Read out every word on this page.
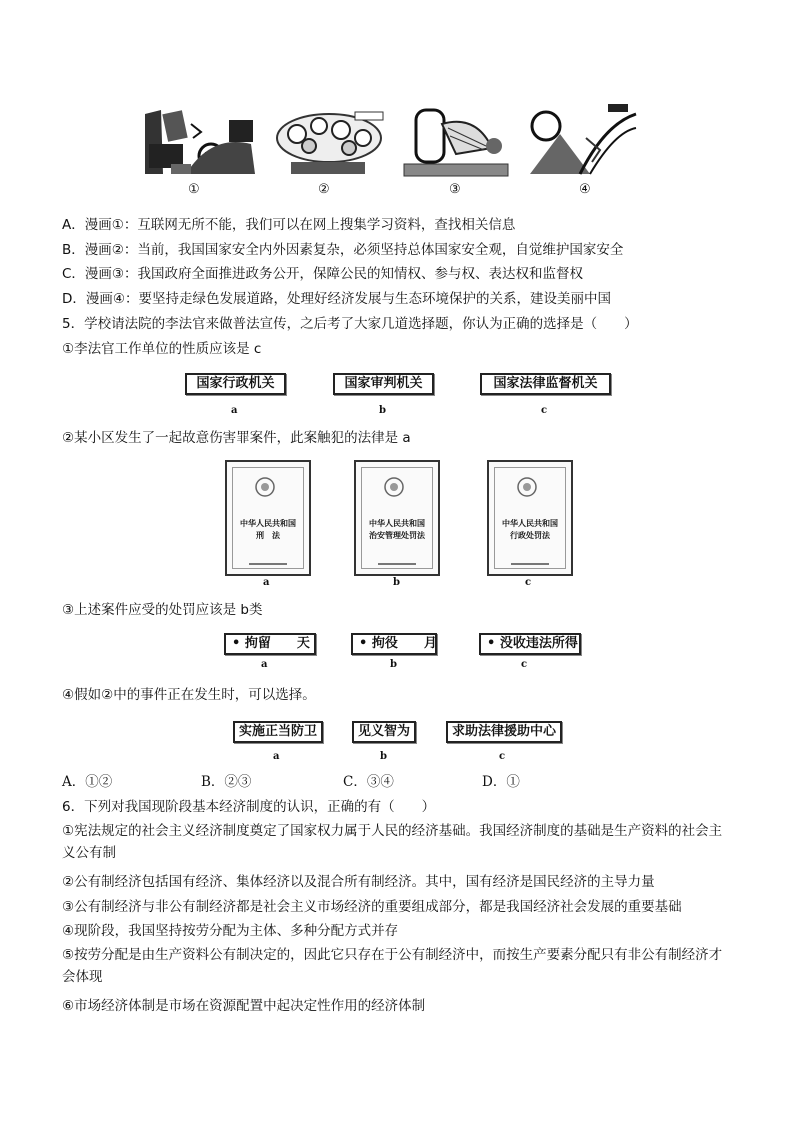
①	②	③	④
A．漫画①：互联网无所不能，我们可以在网上搜集学习资料，查找相关信息
B．漫画②：当前，我国国家安全内外因素复杂，必须坚持总体国家安全观，自觉维护国家安全
C．漫画③：我国政府全面推进政务公开，保障公民的知情权、参与权、表达权和监督权
D．漫画④：要坚持走绿色发展道路，处理好经济发展与生态环境保护的关系，建设美丽中国
5．学校请法院的李法官来做普法宣传，之后考了大家几道选择题，你认为正确的选择是（　　）
①李法官工作单位的性质应该是 c
国家行政机关	国家审判机关	国家法律监督机关
a	b	c
②某小区发生了一起故意伤害罪案件，此案触犯的法律是 a
中华人民共和国
刑　法
中华人民共和国
治安管理处罚法
中华人民共和国
行政处罚法
a	b	c
③上述案件应受的处罚应该是 b类
• 拘留　　天	• 拘役　　月	• 没收违法所得
a	b	c
④假如②中的事件正在发生时，可以选择。
实施正当防卫	见义智为	求助法律援助中心
a	b	c
A．①②	B．②③	C．③④	D．①
6．下列对我国现阶段基本经济制度的认识，正确的有（　　）
①宪法规定的社会主义经济制度奠定了国家权力属于人民的经济基础。我国经济制度的基础是生产资料的社会主义公有制
②公有制经济包括国有经济、集体经济以及混合所有制经济。其中，国有经济是国民经济的主导力量
③公有制经济与非公有制经济都是社会主义市场经济的重要组成部分，都是我国经济社会发展的重要基础
④现阶段，我国坚持按劳分配为主体、多种分配方式并存
⑤按劳分配是由生产资料公有制决定的，因此它只存在于公有制经济中，而按生产要素分配只有非公有制经济才会体现
⑥市场经济体制是市场在资源配置中起决定性作用的经济体制
